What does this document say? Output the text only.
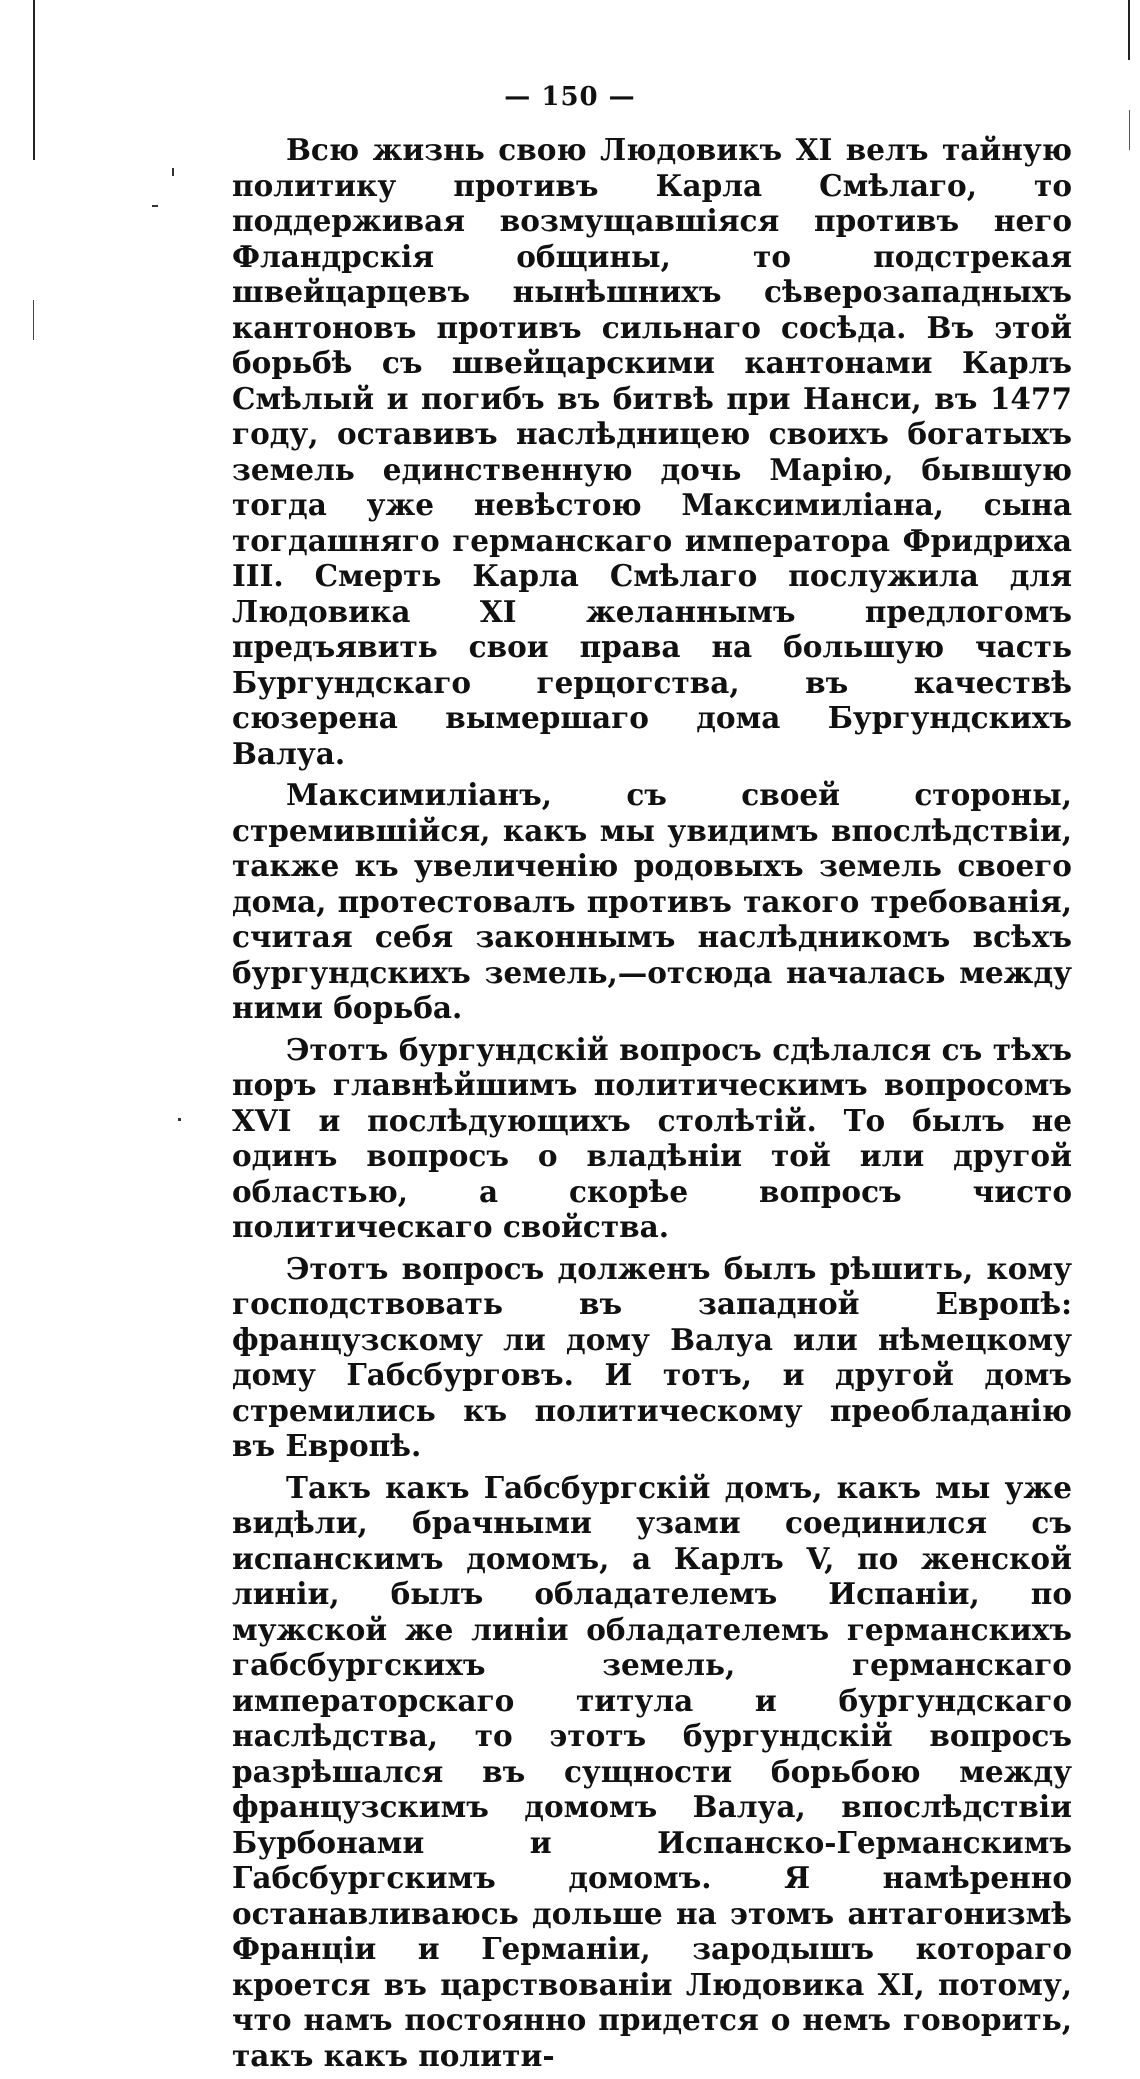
— 150 —

Всю жизнь свою Людовикъ XI велъ тайную политику противъ Карла Смѣлаго, то поддерживая возмущавшіяся противъ него Фландрскія общины, то подстрекая швейцарцевъ нынѣшнихъ сѣверозападныхъ кантоновъ противъ сильнаго сосѣда. Въ этой борьбѣ съ швейцарскими кантонами Карлъ Смѣлый и погибъ въ битвѣ при Нанси, въ 1477 году, оставивъ наслѣдницею своихъ богатыхъ земель единственную дочь Марію, бывшую тогда уже невѣстою Максимиліана, сына тогдашняго германскаго императора Фридриха III. Смерть Карла Смѣлаго послужила для Людовика XI желаннымъ предлогомъ предъявить свои права на большую часть Бургундскаго герцогства, въ качествѣ сюзерена вымершаго дома Бургундскихъ Валуа.

Максимиліанъ, съ своей стороны, стремившійся, какъ мы увидимъ впослѣдствіи, также къ увеличенію родовыхъ земель своего дома, протестовалъ противъ такого требованія, считая себя законнымъ наслѣдникомъ всѣхъ бургундскихъ земель,—отсюда началась между ними борьба.

Этотъ бургундскій вопросъ сдѣлался съ тѣхъ поръ главнѣйшимъ политическимъ вопросомъ XVI и послѣдующихъ столѣтій. То былъ не одинъ вопросъ о владѣніи той или другой областью, а скорѣе вопросъ чисто политическаго свойства.

Этотъ вопросъ долженъ былъ рѣшить, кому господствовать въ западной Европѣ: французскому ли дому Валуа или нѣмецкому дому Габсбурговъ. И тотъ, и другой домъ стремились къ политическому преобладанію въ Европѣ.

Такъ какъ Габсбургскій домъ, какъ мы уже видѣли, брачными узами соединился съ испанскимъ домомъ, а Карлъ V, по женской линіи, былъ обладателемъ Испаніи, по мужской же линіи обладателемъ германскихъ габсбургскихъ земель, германскаго императорскаго титула и бургундскаго наслѣдства, то этотъ бургундскій вопросъ разрѣшался въ сущности борьбою между французскимъ домомъ Валуа, впослѣдствіи Бурбонами и Испанско-Германскимъ Габсбургскимъ домомъ. Я намѣренно останавливаюсь дольше на этомъ антагонизмѣ Франціи и Германіи, зародышъ котораго кроется въ царствованіи Людовика XI, потому, что намъ постоянно придется о немъ говорить, такъ какъ полити-
